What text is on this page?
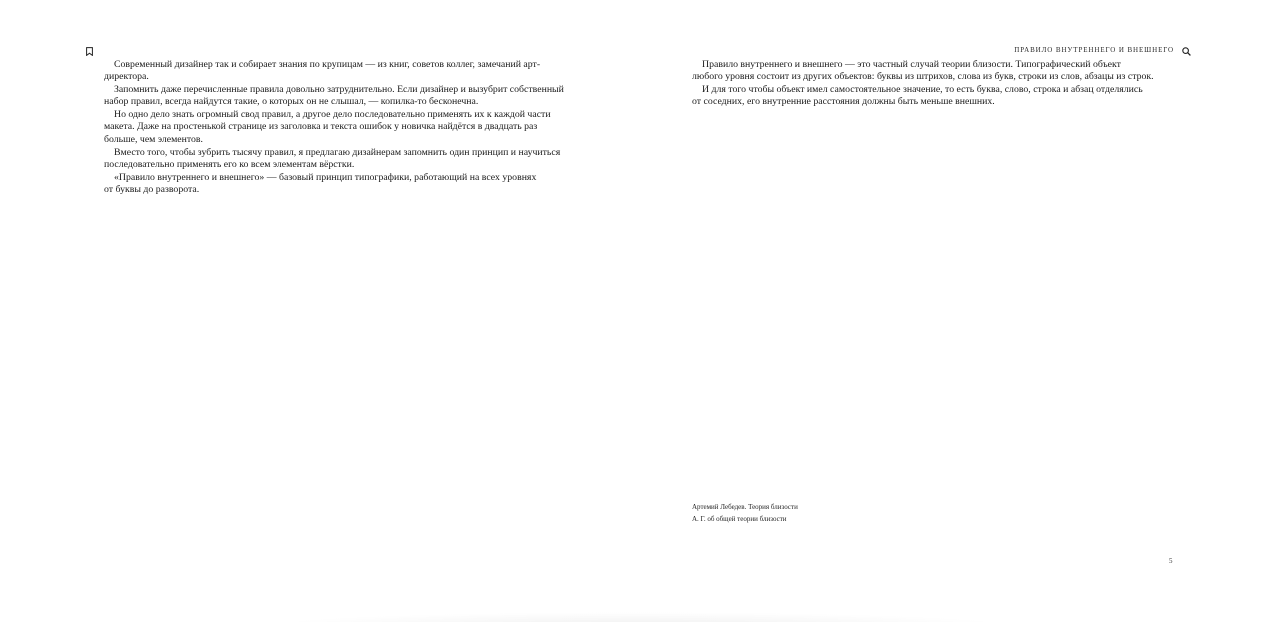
ПРАВИЛО ВНУТРЕННЕГО И ВНЕШНЕГО

Современный дизайнер так и собирает знания по крупицам — из книг, советов коллег, замечаний арт-
директора.

Запомнить даже перечисленные правила довольно затруднительно. Если дизайнер и вызубрит собственный
набор правил, всегда найдутся такие, о которых он не слышал, — копилка-то бесконечна.

Но одно дело знать огромный свод правил, а другое дело последовательно применять их к каждой части
макета. Даже на простенькой странице из заголовка и текста ошибок у новичка найдётся в двадцать раз
больше, чем элементов.

Вместо того, чтобы зубрить тысячу правил, я предлагаю дизайнерам запомнить один принцип и научиться
последовательно применять его ко всем элементам вёрстки.

«Правило внутреннего и внешнего» — базовый принцип типографики, работающий на всех уровнях
от буквы до разворота.

Правило внутреннего и внешнего — это частный случай теории близости. Типографический объект
любого уровня состоит из других объектов: буквы из штрихов, слова из букв, строки из слов, абзацы из строк.

И для того чтобы объект имел самостоятельное значение, то есть буква, слово, строка и абзац отделялись
от соседних, его внутренние расстояния должны быть меньше внешних.

Артемий Лебедев. Теория близости
А. Г. об общей теории близости
5
